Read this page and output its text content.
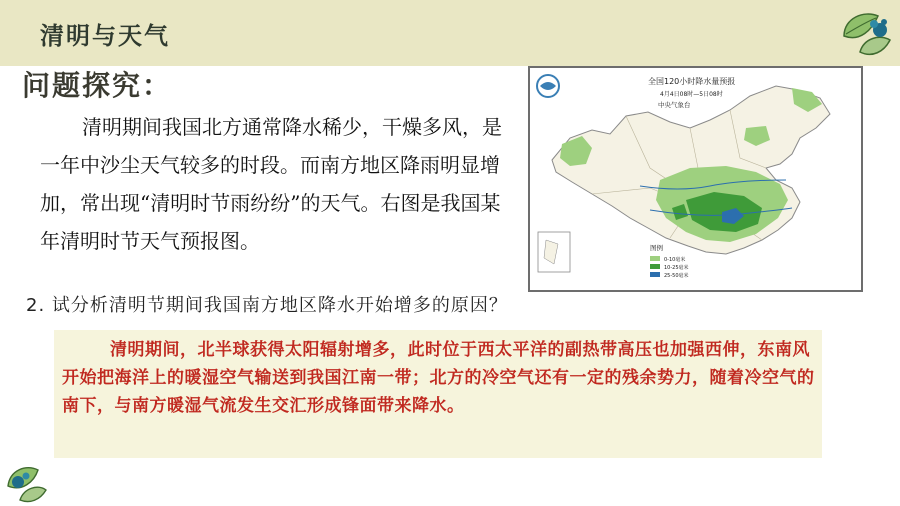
清明与天气
问题探究：
清明期间我国北方通常降水稀少，干燥多风，是一年中沙尘天气较多的时段。而南方地区降雨明显增加，常出现“清明时节雨纷纷”的天气。右图是我国某年清明时节天气预报图。
全国120小时降水量预报
4月4日08时—5日08时
中央气象台
图例
0-10毫米
10-25毫米
25-50毫米
2. 试分析清明节期间我国南方地区降水开始增多的原因？
清明期间，北半球获得太阳辐射增多，此时位于西太平洋的副热带高压也加强西伸，东南风开始把海洋上的暖湿空气输送到我国江南一带；北方的冷空气还有一定的残余势力，随着冷空气的南下，与南方暖湿气流发生交汇形成锋面带来降水。
